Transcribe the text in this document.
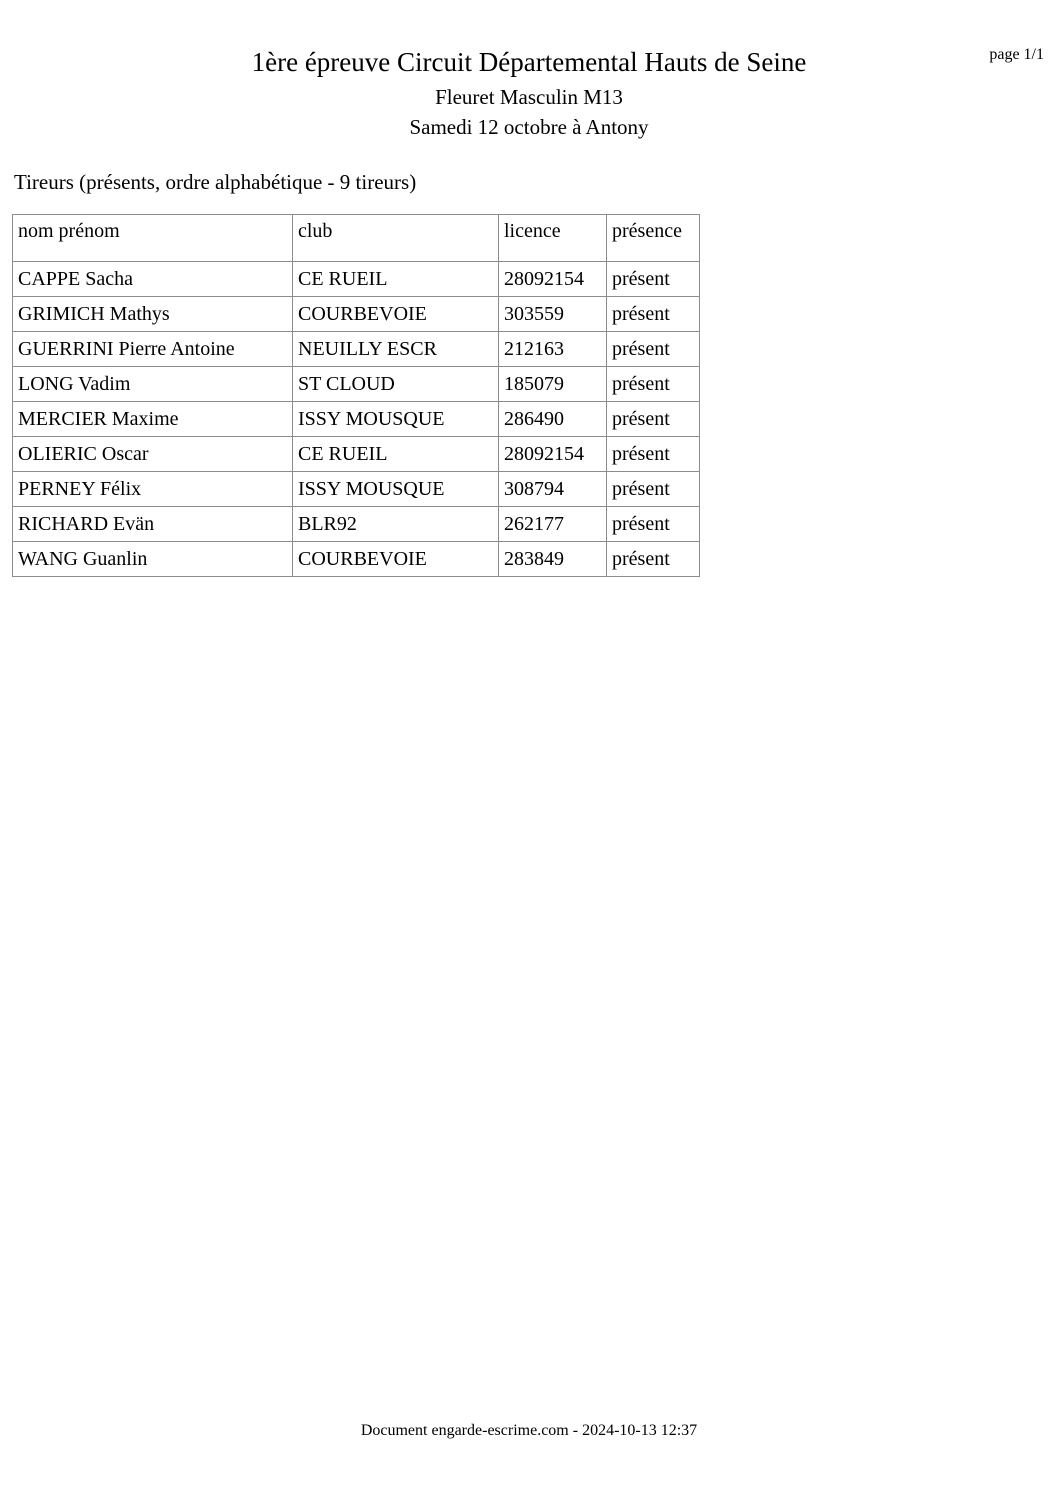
page 1/1
1ère épreuve Circuit Départemental Hauts de Seine
Fleuret Masculin M13
Samedi 12 octobre à Antony
Tireurs (présents, ordre alphabétique - 9 tireurs)
nom prénom	club	licence	présence
CAPPE Sacha	CE RUEIL	28092154	présent
GRIMICH Mathys	COURBEVOIE	303559	présent
GUERRINI Pierre Antoine	NEUILLY ESCR	212163	présent
LONG Vadim	ST CLOUD	185079	présent
MERCIER Maxime	ISSY MOUSQUE	286490	présent
OLIERIC Oscar	CE RUEIL	28092154	présent
PERNEY Félix	ISSY MOUSQUE	308794	présent
RICHARD Evän	BLR92	262177	présent
WANG Guanlin	COURBEVOIE	283849	présent
Document engarde-escrime.com - 2024-10-13 12:37
